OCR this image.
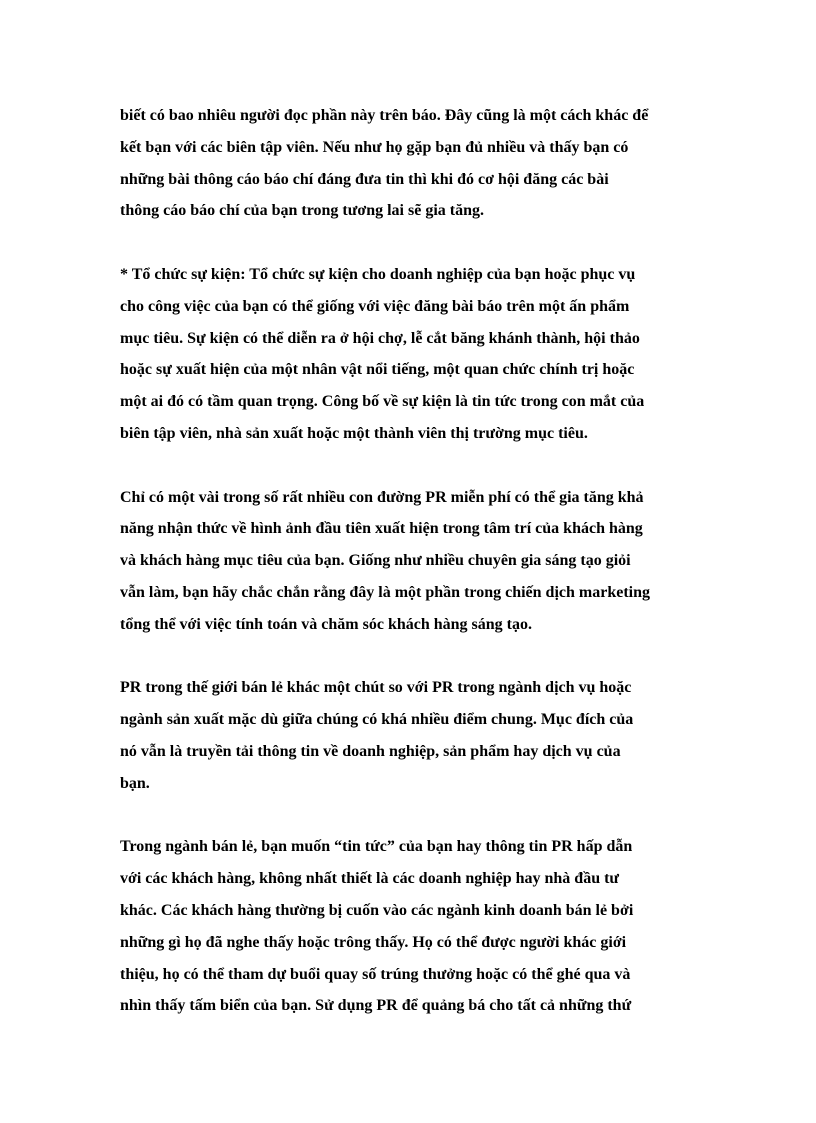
biết có bao nhiêu người đọc phần này trên báo. Đây cũng là một cách khác để
kết bạn với các biên tập viên. Nếu như họ gặp bạn đủ nhiều và thấy bạn có
những bài thông cáo báo chí đáng đưa tin thì khi đó cơ hội đăng các bài
thông cáo báo chí của bạn trong tương lai sẽ gia tăng.
* Tổ chức sự kiện: Tổ chức sự kiện cho doanh nghiệp của bạn hoặc phục vụ
cho công việc của bạn có thể giống với việc đăng bài báo trên một ấn phẩm
mục tiêu. Sự kiện có thể diễn ra ở hội chợ, lễ cắt băng khánh thành, hội thảo
hoặc sự xuất hiện của một nhân vật nổi tiếng, một quan chức chính trị hoặc
một ai đó có tầm quan trọng. Công bố về sự kiện là tin tức trong con mắt của
biên tập viên, nhà sản xuất hoặc một thành viên thị trường mục tiêu.
Chỉ có một vài trong số rất nhiều con đường PR miễn phí có thể gia tăng khả
năng nhận thức về hình ảnh đầu tiên xuất hiện trong tâm trí của khách hàng
và khách hàng mục tiêu của bạn. Giống như nhiều chuyên gia sáng tạo giỏi
vẫn làm, bạn hãy chắc chắn rằng đây là một phần trong chiến dịch marketing
tổng thể với việc tính toán và chăm sóc khách hàng sáng tạo.
PR trong thế giới bán lẻ khác một chút so với PR trong ngành dịch vụ hoặc
ngành sản xuất mặc dù giữa chúng có khá nhiều điểm chung. Mục đích của
nó vẫn là truyền tải thông tin về doanh nghiệp, sản phẩm hay dịch vụ của
bạn.
Trong ngành bán lẻ, bạn muốn “tin tức” của bạn hay thông tin PR hấp dẫn
với các khách hàng, không nhất thiết là các doanh nghiệp hay nhà đầu tư
khác. Các khách hàng thường bị cuốn vào các ngành kinh doanh bán lẻ bởi
những gì họ đã nghe thấy hoặc trông thấy. Họ có thể được người khác giới
thiệu, họ có thể tham dự buổi quay số trúng thưởng hoặc có thể ghé qua và
nhìn thấy tấm biển của bạn. Sử dụng PR để quảng bá cho tất cả những thứ
